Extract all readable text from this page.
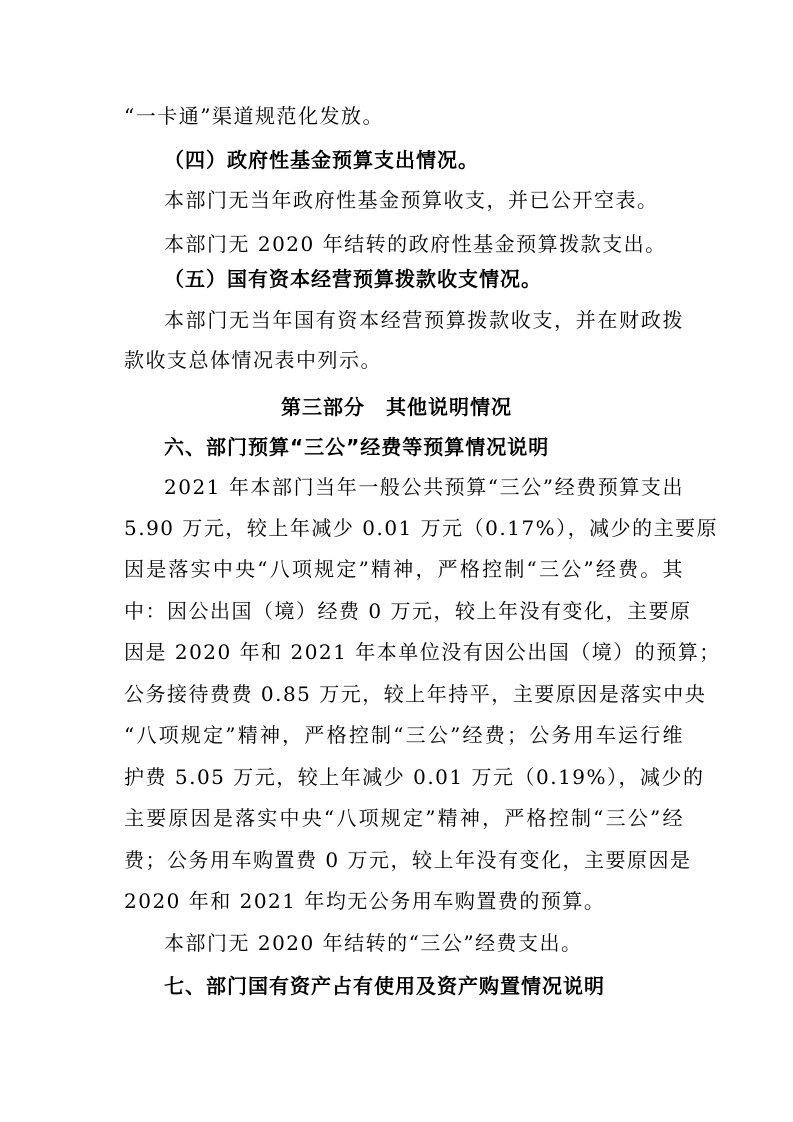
“一卡通”渠道规范化发放。
（四）政府性基金预算支出情况。
本部门无当年政府性基金预算收支，并已公开空表。
本部门无 2020 年结转的政府性基金预算拨款支出。
（五）国有资本经营预算拨款收支情况。
本部门无当年国有资本经营预算拨款收支，并在财政拨
款收支总体情况表中列示。
第三部分　其他说明情况
六、部门预算“三公”经费等预算情况说明
2021 年本部门当年一般公共预算“三公”经费预算支出
5.90 万元，较上年减少 0.01 万元（0.17%），减少的主要原
因是落实中央“八项规定”精神，严格控制“三公”经费。其
中：因公出国（境）经费 0 万元，较上年没有变化，主要原
因是 2020 年和 2021 年本单位没有因公出国（境）的预算；
公务接待费费 0.85 万元，较上年持平，主要原因是落实中央
“八项规定”精神，严格控制“三公”经费；公务用车运行维
护费 5.05 万元，较上年减少 0.01 万元（0.19%），减少的
主要原因是落实中央“八项规定”精神，严格控制“三公”经
费；公务用车购置费 0 万元，较上年没有变化，主要原因是
2020 年和 2021 年均无公务用车购置费的预算。
本部门无 2020 年结转的“三公”经费支出。
七、部门国有资产占有使用及资产购置情况说明
